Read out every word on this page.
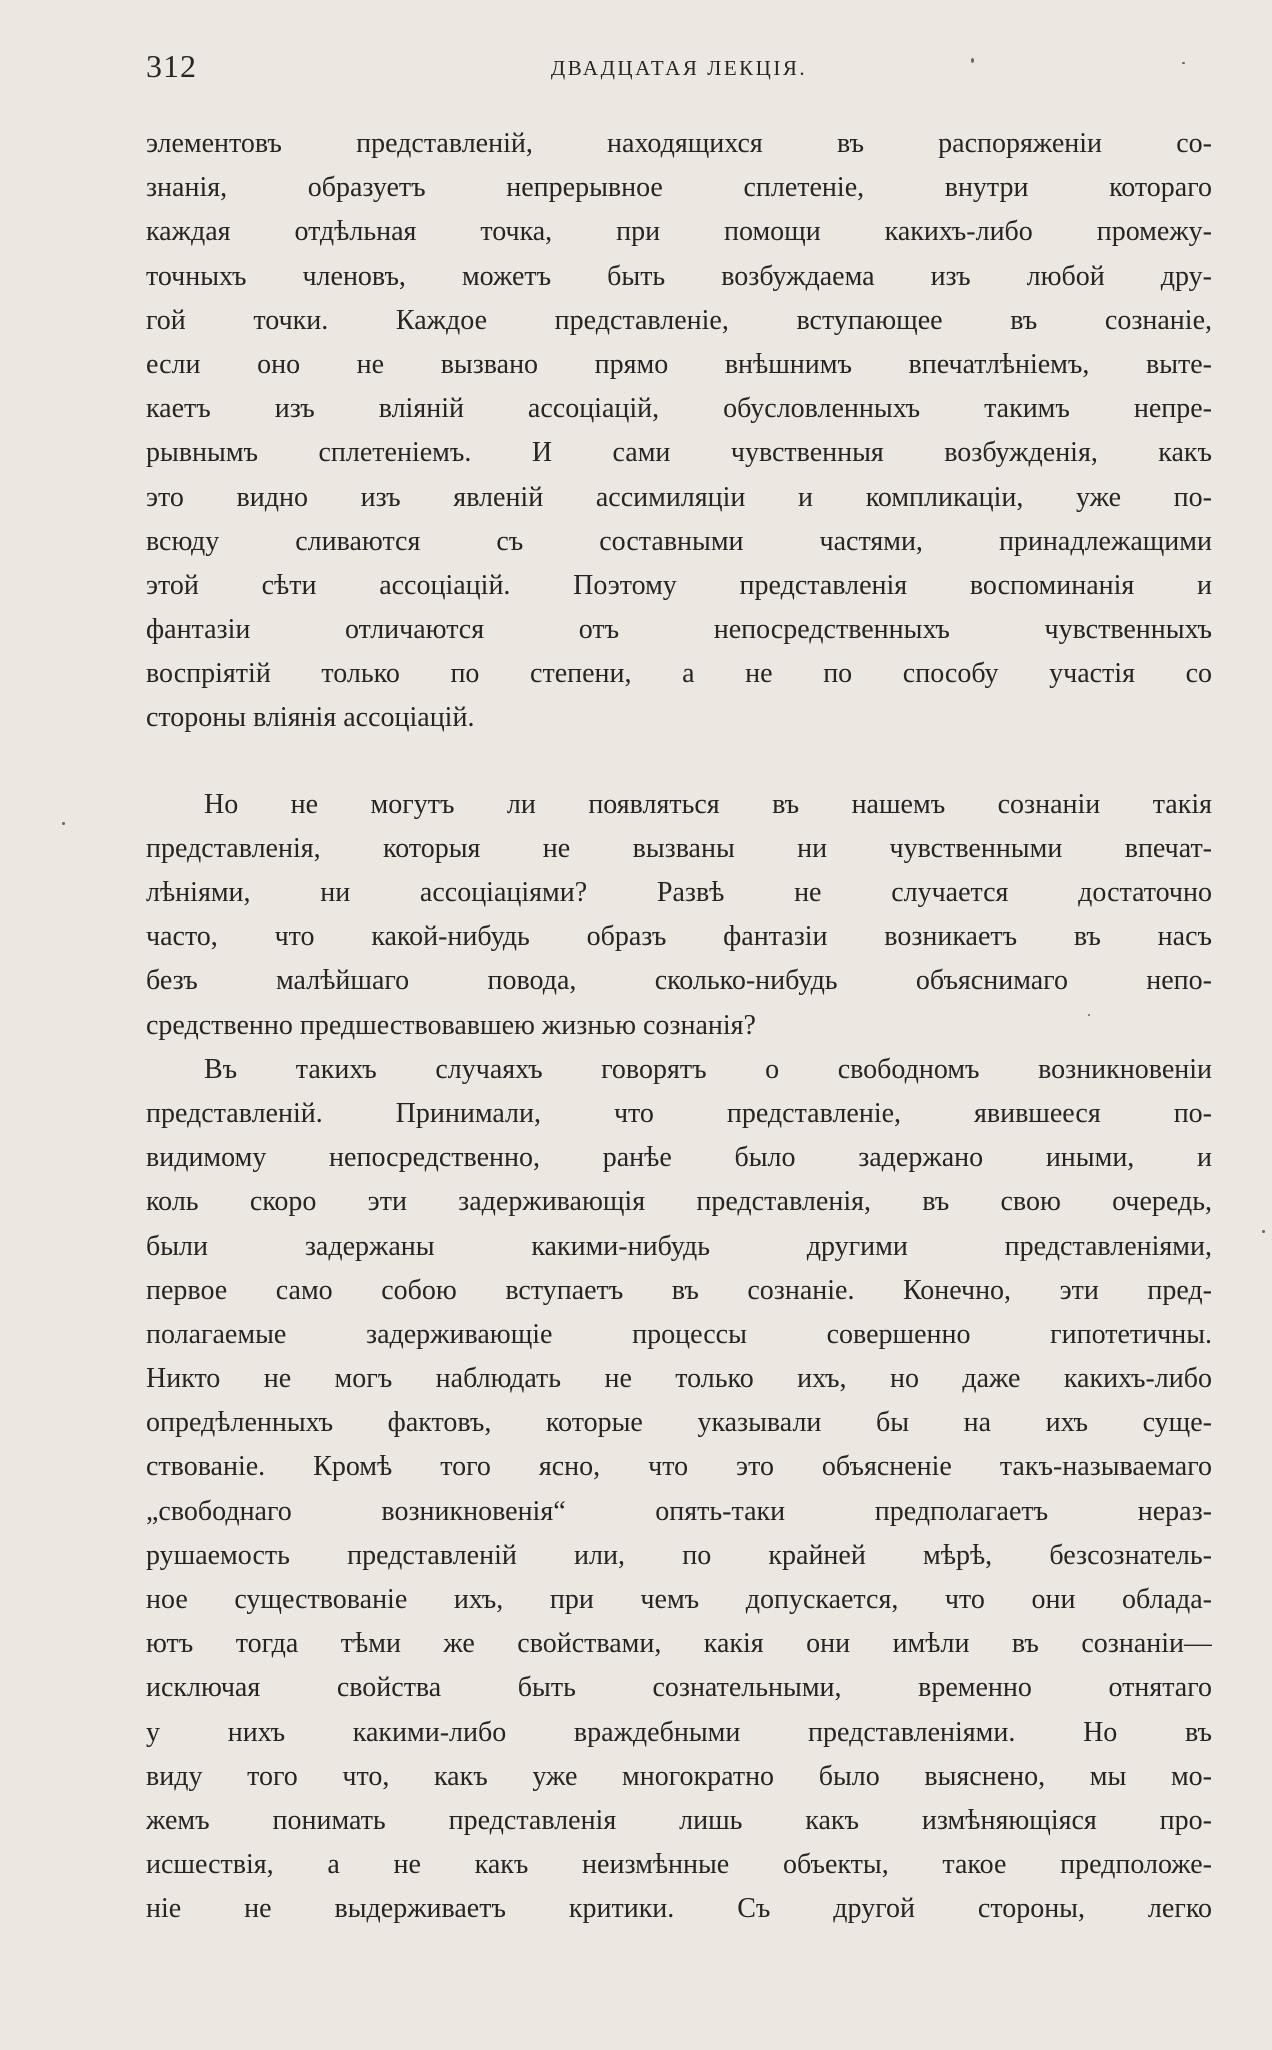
312	ДВАДЦАТАЯ ЛЕКЦІЯ.
элементовъ представленій, находящихся въ распоряженіи со-
знанія, образуетъ непрерывное сплетеніе, внутри котораго
каждая отдѣльная точка, при помощи какихъ-либо промежу-
точныхъ членовъ, можетъ быть возбуждаема изъ любой дру-
гой точки. Каждое представленіе, вступающее въ сознаніе,
если оно не вызвано прямо внѣшнимъ впечатлѣніемъ, выте-
каетъ изъ вліяній ассоціацій, обусловленныхъ такимъ непре-
рывнымъ сплетеніемъ. И сами чувственныя возбужденія, какъ
это видно изъ явленій ассимиляціи и компликаціи, уже по-
всюду сливаются съ составными частями, принадлежащими
этой сѣти ассоціацій. Поэтому представленія воспоминанія и
фантазіи отличаются отъ непосредственныхъ чувственныхъ
воспріятій только по степени, а не по способу участія со
стороны вліянія ассоціацій.
Но не могутъ ли появляться въ нашемъ сознаніи такія
представленія, которыя не вызваны ни чувственными впечат-
лѣніями, ни ассоціаціями? Развѣ не случается достаточно
часто, что какой-нибудь образъ фантазіи возникаетъ въ насъ
безъ малѣйшаго повода, сколько-нибудь объяснимаго непо-
средственно предшествовавшею жизнью сознанія?
Въ такихъ случаяхъ говорятъ о свободномъ возникновеніи
представленій. Принимали, что представленіе, явившееся по-
видимому непосредственно, ранѣе было задержано иными, и
коль скоро эти задерживающія представленія, въ свою очередь,
были задержаны какими-нибудь другими представленіями,
первое само собою вступаетъ въ сознаніе. Конечно, эти пред-
полагаемые задерживающіе процессы совершенно гипотетичны.
Никто не могъ наблюдать не только ихъ, но даже какихъ-либо
опредѣленныхъ фактовъ, которые указывали бы на ихъ суще-
ствованіе. Кромѣ того ясно, что это объясненіе такъ-называемаго
„свободнаго возникновенія“ опять-таки предполагаетъ нераз-
рушаемость представленій или, по крайней мѣрѣ, безсознатель-
ное существованіе ихъ, при чемъ допускается, что они облада-
ютъ тогда тѣми же свойствами, какія они имѣли въ сознаніи—
исключая свойства быть сознательными, временно отнятаго
у нихъ какими-либо враждебными представленіями. Но въ
виду того что, какъ уже многократно было выяснено, мы мо-
жемъ понимать представленія лишь какъ измѣняющіяся про-
исшествія, а не какъ неизмѣнные объекты, такое предположе-
ніе не выдерживаетъ критики. Съ другой стороны, легко
